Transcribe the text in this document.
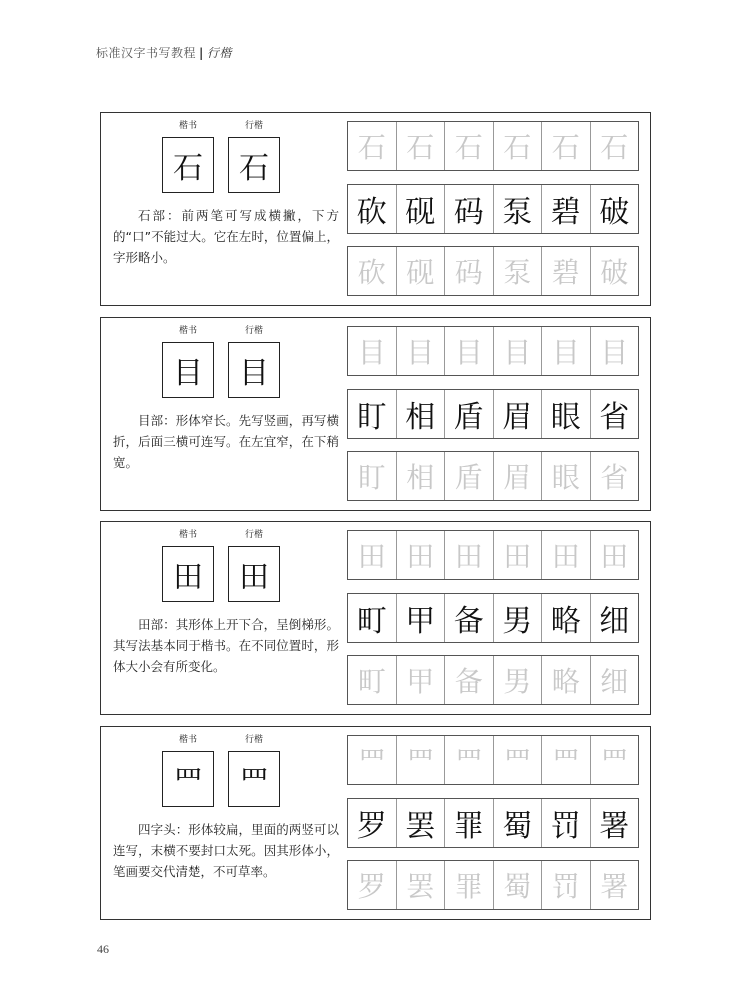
标准汉字书写教程 | 行楷
楷书	行楷
石	石
石部：前两笔可写成横撇，下方的“口”不能过大。它在左时，位置偏上，字形略小。
石 石 石 石 石 石
砍 砚 码 泵 碧 破
砍 砚 码 泵 碧 破
楷书	行楷
目	目
目部：形体窄长。先写竖画，再写横折，后面三横可连写。在左宜窄，在下稍宽。
目 目 目 目 目 目
盯 相 盾 眉 眼 省
盯 相 盾 眉 眼 省
楷书	行楷
田	田
田部：其形体上开下合，呈倒梯形。其写法基本同于楷书。在不同位置时，形体大小会有所变化。
田 田 田 田 田 田
町 甲 备 男 略 细
町 甲 备 男 略 细
楷书	行楷
罒	罒
四字头：形体较扁，里面的两竖可以连写，末横不要封口太死。因其形体小，笔画要交代清楚，不可草率。
罒 罒 罒 罒 罒 罒
罗 罢 罪 蜀 罚 署
罗 罢 罪 蜀 罚 署
46
